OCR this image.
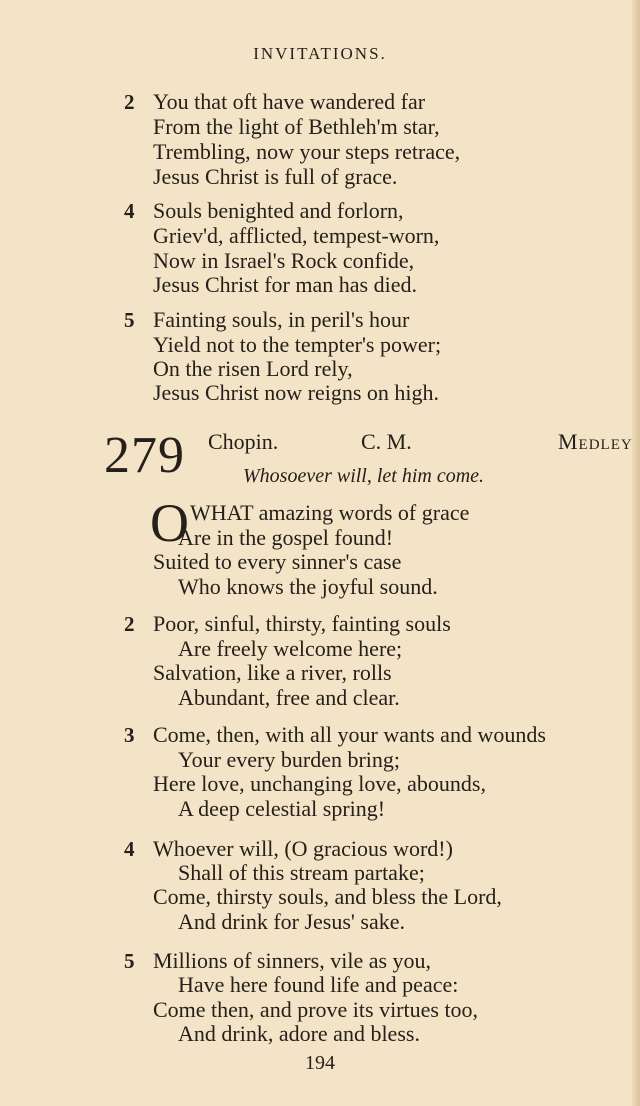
INVITATIONS.
2 You that oft have wandered far
From the light of Bethleh'm star,
Trembling, now your steps retrace,
Jesus Christ is full of grace.
4 Souls benighted and forlorn,
Griev'd, afflicted, tempest-worn,
Now in Israel's Rock confide,
Jesus Christ for man has died.
5 Fainting souls, in peril's hour
Yield not to the tempter's power;
On the risen Lord rely,
Jesus Christ now reigns on high.
279 Chopin.	C. M.	Medley
Whosoever will, let him come.
O WHAT amazing words of grace
Are in the gospel found!
Suited to every sinner's case
Who knows the joyful sound.
2 Poor, sinful, thirsty, fainting souls
Are freely welcome here;
Salvation, like a river, rolls
Abundant, free and clear.
3 Come, then, with all your wants and wounds
Your every burden bring;
Here love, unchanging love, abounds,
A deep celestial spring!
4 Whoever will, (O gracious word!)
Shall of this stream partake;
Come, thirsty souls, and bless the Lord,
And drink for Jesus' sake.
5 Millions of sinners, vile as you,
Have here found life and peace:
Come then, and prove its virtues too,
And drink, adore and bless.
194
